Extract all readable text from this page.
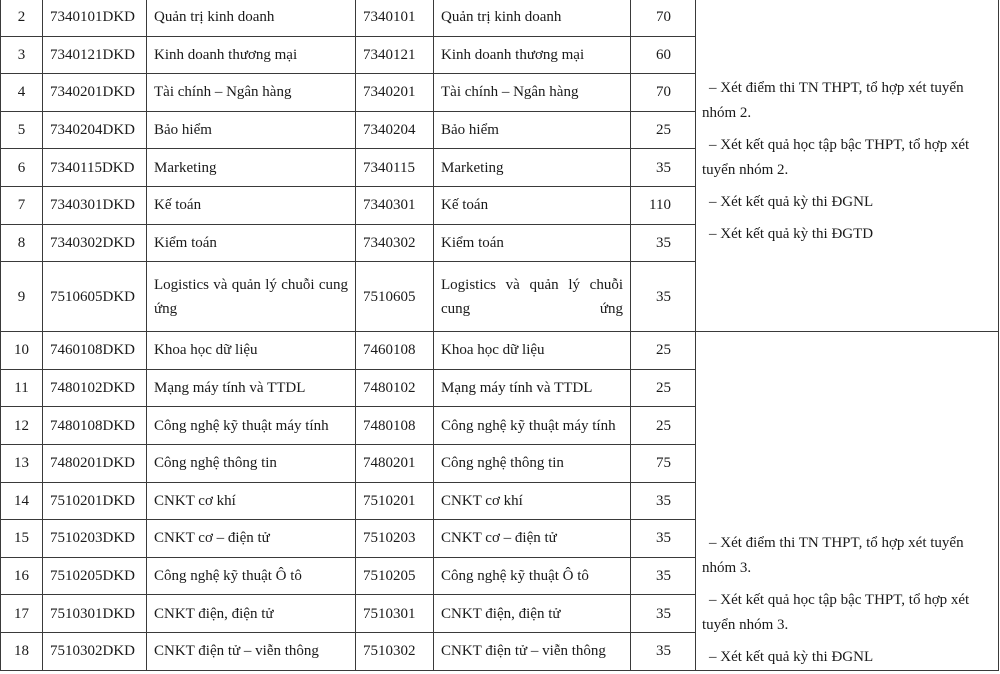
2	7340101DKD	Quản trị kinh doanh	7340101	Quản trị kinh doanh	70	– Xét điểm thi TN THPT, tổ hợp xét tuyển nhóm 2.

– Xét kết quả học tập bậc THPT, tổ hợp xét tuyển nhóm 2.

– Xét kết quả kỳ thi ĐGNL

– Xét kết quả kỳ thi ĐGTD

3	7340121DKD	Kinh doanh thương mại	7340121	Kinh doanh thương mại	60	
4	7340201DKD	Tài chính – Ngân hàng	7340201	Tài chính – Ngân hàng	70	
5	7340204DKD	Bảo hiểm	7340204	Bảo hiểm	25	
6	7340115DKD	Marketing	7340115	Marketing	35	
7	7340301DKD	Kế toán	7340301	Kế toán	110	
8	7340302DKD	Kiểm toán	7340302	Kiểm toán	35	
9	7510605DKD	Logistics và quản lý chuỗi cung ứng	7510605	Logistics và quản lý chuỗi cung ứng	35	
10	7460108DKD	Khoa học dữ liệu	7460108	Khoa học dữ liệu	25	– Xét điểm thi TN THPT, tổ hợp xét tuyển nhóm 3.

– Xét kết quả học tập bậc THPT, tổ hợp xét tuyển nhóm 3.

– Xét kết quả kỳ thi ĐGNL

11	7480102DKD	Mạng máy tính và TTDL	7480102	Mạng máy tính và TTDL	25	
12	7480108DKD	Công nghệ kỹ thuật máy tính	7480108	Công nghệ kỹ thuật máy tính	25	
13	7480201DKD	Công nghệ thông tin	7480201	Công nghệ thông tin	75	
14	7510201DKD	CNKT cơ khí	7510201	CNKT cơ khí	35	
15	7510203DKD	CNKT cơ – điện tử	7510203	CNKT cơ – điện tử	35	
16	7510205DKD	Công nghệ kỹ thuật Ô tô	7510205	Công nghệ kỹ thuật Ô tô	35	
17	7510301DKD	CNKT điện, điện tử	7510301	CNKT điện, điện tử	35	
18	7510302DKD	CNKT điện tử – viễn thông	7510302	CNKT điện tử – viễn thông	35	
